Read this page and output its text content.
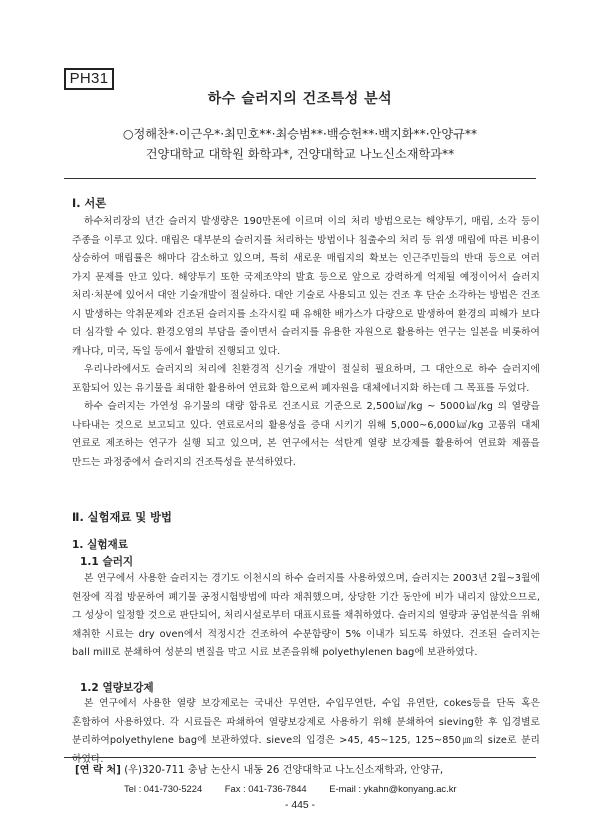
PH31
하수 슬러지의 건조특성 분석
○정해찬*·이근우*·최민호**·최승범**·백승헌**·백지화**·안양규**
건양대학교 대학원 화학과*, 건양대학교 나노신소재학과**
Ⅰ. 서론

하수처리장의 년간 슬러지 발생량은 190만톤에 이르며 이의 처리 방법으로는 해양투기, 매립, 소각 등이 주종을 이루고 있다. 매립은 대부분의 슬러지를 처리하는 방법이나 침출수의 처리 등 위생 매립에 따른 비용이 상승하여 매립률은 해마다 감소하고 있으며, 특히 새로운 매립지의 확보는 인근주민들의 반대 등으로 여러 가지 문제를 안고 있다. 해양투기 또한 국제조약의 발효 등으로 앞으로 강력하게 억제될 예정이어서 슬러지 처리·처분에 있어서 대안 기술개발이 절실하다. 대안 기술로 사용되고 있는 건조 후 단순 소각하는 방법은 건조 시 발생하는 악취문제와 건조된 슬러지를 소각시킬 때 유해한 배가스가 다량으로 발생하여 환경의 피해가 보다 더 심각할 수 있다. 환경오염의 부담을 줄이면서 슬러지를 유용한 자원으로 활용하는 연구는 일본을 비롯하여 캐나다, 미국, 독일 등에서 활발히 진행되고 있다.

우리나라에서도 슬러지의 처리에 친환경적 신기술 개발이 절실히 필요하며, 그 대안으로 하수 슬러지에 포함되어 있는 유기물을 최대한 활용하여 연료화 함으로써 폐자원을 대체에너지화 하는데 그 목표를 두었다.

하수 슬러지는 가연성 유기물의 대량 함유로 건조시료 기준으로 2,500㎉/kg ~ 5000㎉/kg 의 열량을 나타내는 것으로 보고되고 있다. 연료로서의 활용성을 증대 시키기 위해 5,000~6,000㎉/kg 고품위 대체 연료로 제조하는 연구가 실행 되고 있으며, 본 연구에서는 석탄계 열량 보강제를 활용하여 연료화 제품을 만드는 과정중에서 슬러지의 건조특성을 분석하였다.

Ⅱ. 실험재료 및 방법
1. 실험재료
1.1 슬러지

본 연구에서 사용한 슬러지는 경기도 이천시의 하수 슬러지를 사용하였으며, 슬러지는 2003년 2월~3월에 현장에 직접 방문하여 폐기물 공정시험방법에 따라 채취했으며, 상당한 기간 동안에 비가 내리지 않았으므로, 그 성상이 일정할 것으로 판단되어, 처리시설로부터 대표시료를 채취하였다. 슬러지의 열량과 공업분석을 위해 채취한 시료는 dry oven에서 적정시간 건조하여 수분함량이 5% 이내가 되도록 하였다. 건조된 슬러지는 ball mill로 분쇄하여 성분의 변질을 막고 시료 보존을위해 polyethylenen bag에 보관하였다.

1.2 열량보강제

본 연구에서 사용한 열량 보강제로는 국내산 무연탄, 수입무연탄, 수입 유연탄, cokes등을 단독 혹은 혼합하여 사용하였다. 각 시료들은 파쇄하여 열량보강제로 사용하기 위해 분쇄하여 sieving한 후 입경별로 분리하여polyethylene bag에 보관하였다. sieve의 입경은 >45, 45~125, 125~850㎛의 size로 분리 하였다.

[연 락 처] (우)320-711 충남 논산시 내동 26 건양대학교 나노신소재학과, 안양규,
Tel : 041-730-5224 Fax : 041-736-7844 E-mail : ykahn@konyang.ac.kr
- 445 -
